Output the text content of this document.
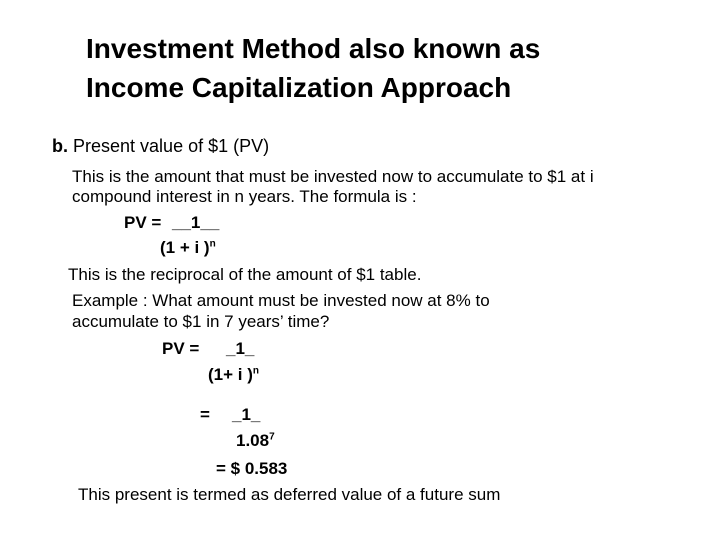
Investment Method also known as
Income Capitalization Approach
b. Present value of $1 (PV)
This is the amount that must be invested now to accumulate to $1 at i
compound interest in n years. The formula is :
PV = __1__
(1 + i )$^n$
This is the reciprocal of the amount of $1 table.
Example : What amount must be invested now at 8% to
accumulate to $1 in 7 years’ time?
PV = _1_
(1+ i )$^n$
= _1_
$1.08^7$
= $ 0.583
This present is termed as deferred value of a future sum
